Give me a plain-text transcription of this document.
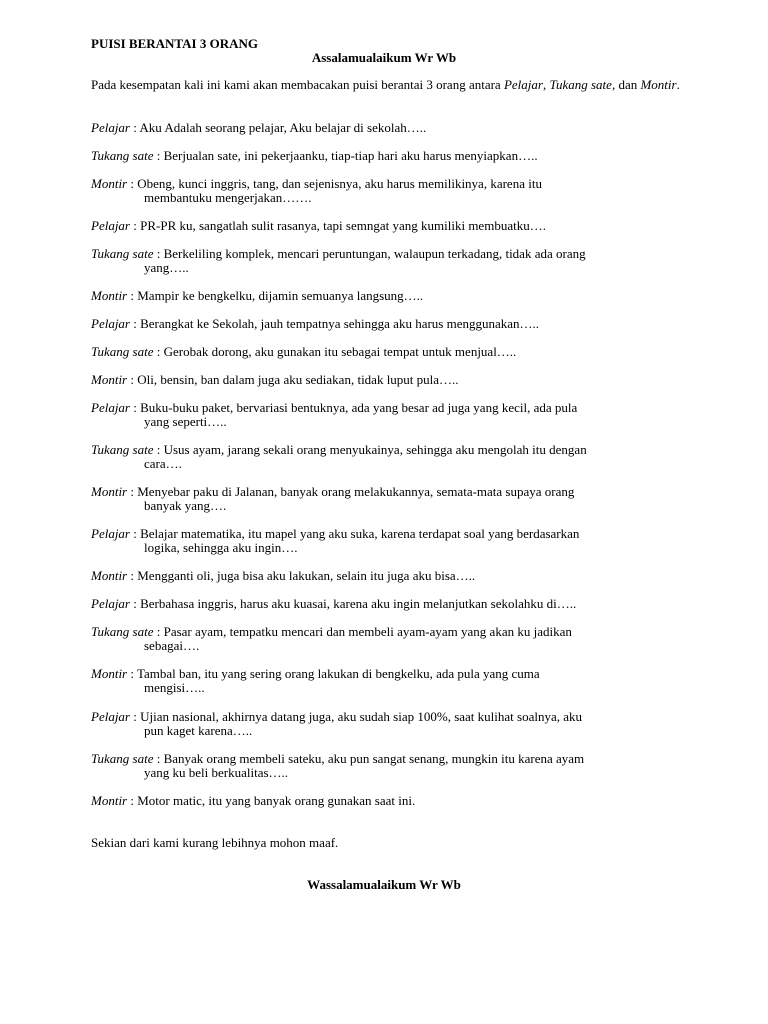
PUISI BERANTAI 3 ORANG
Assalamualaikum Wr Wb
Pada kesempatan kali ini kami akan membacakan puisi berantai 3 orang antara Pelajar, Tukang sate, dan Montir.
Pelajar : Aku Adalah seorang pelajar, Aku belajar di sekolah…..
Tukang sate : Berjualan sate, ini pekerjaanku, tiap-tiap hari aku harus menyiapkan…..
Montir : Obeng, kunci inggris, tang, dan sejenisnya, aku harus memilikinya, karena itu
membantuku mengerjakan…….
Pelajar : PR-PR ku, sangatlah sulit rasanya, tapi semngat yang kumiliki membuatku….
Tukang sate : Berkeliling komplek, mencari peruntungan, walaupun terkadang, tidak ada orang
yang…..
Montir : Mampir ke bengkelku, dijamin semuanya langsung…..
Pelajar : Berangkat ke Sekolah, jauh tempatnya sehingga aku harus menggunakan…..
Tukang sate : Gerobak dorong, aku gunakan itu sebagai tempat untuk menjual…..
Montir : Oli, bensin, ban dalam juga aku sediakan, tidak luput pula…..
Pelajar : Buku-buku paket, bervariasi bentuknya, ada yang besar ad juga yang kecil, ada pula
yang seperti…..
Tukang sate : Usus ayam, jarang sekali orang menyukainya, sehingga aku mengolah itu dengan
cara….
Montir : Menyebar paku di Jalanan, banyak orang melakukannya, semata-mata supaya orang
banyak yang….
Pelajar : Belajar matematika, itu mapel yang aku suka, karena terdapat soal yang berdasarkan
logika, sehingga aku ingin….
Montir : Mengganti oli, juga bisa aku lakukan, selain itu juga aku bisa…..
Pelajar : Berbahasa inggris, harus aku kuasai, karena aku ingin melanjutkan sekolahku di…..
Tukang sate : Pasar ayam, tempatku mencari dan membeli ayam-ayam yang akan ku jadikan
sebagai….
Montir : Tambal ban, itu yang sering orang lakukan di bengkelku, ada pula yang cuma
mengisi…..
Pelajar : Ujian nasional, akhirnya datang juga, aku sudah siap 100%, saat kulihat soalnya, aku
pun kaget karena…..
Tukang sate : Banyak orang membeli sateku, aku pun sangat senang, mungkin itu karena ayam
yang ku beli berkualitas…..
Montir : Motor matic, itu yang banyak orang gunakan saat ini.
Sekian dari kami kurang lebihnya mohon maaf.
Wassalamualaikum Wr Wb
